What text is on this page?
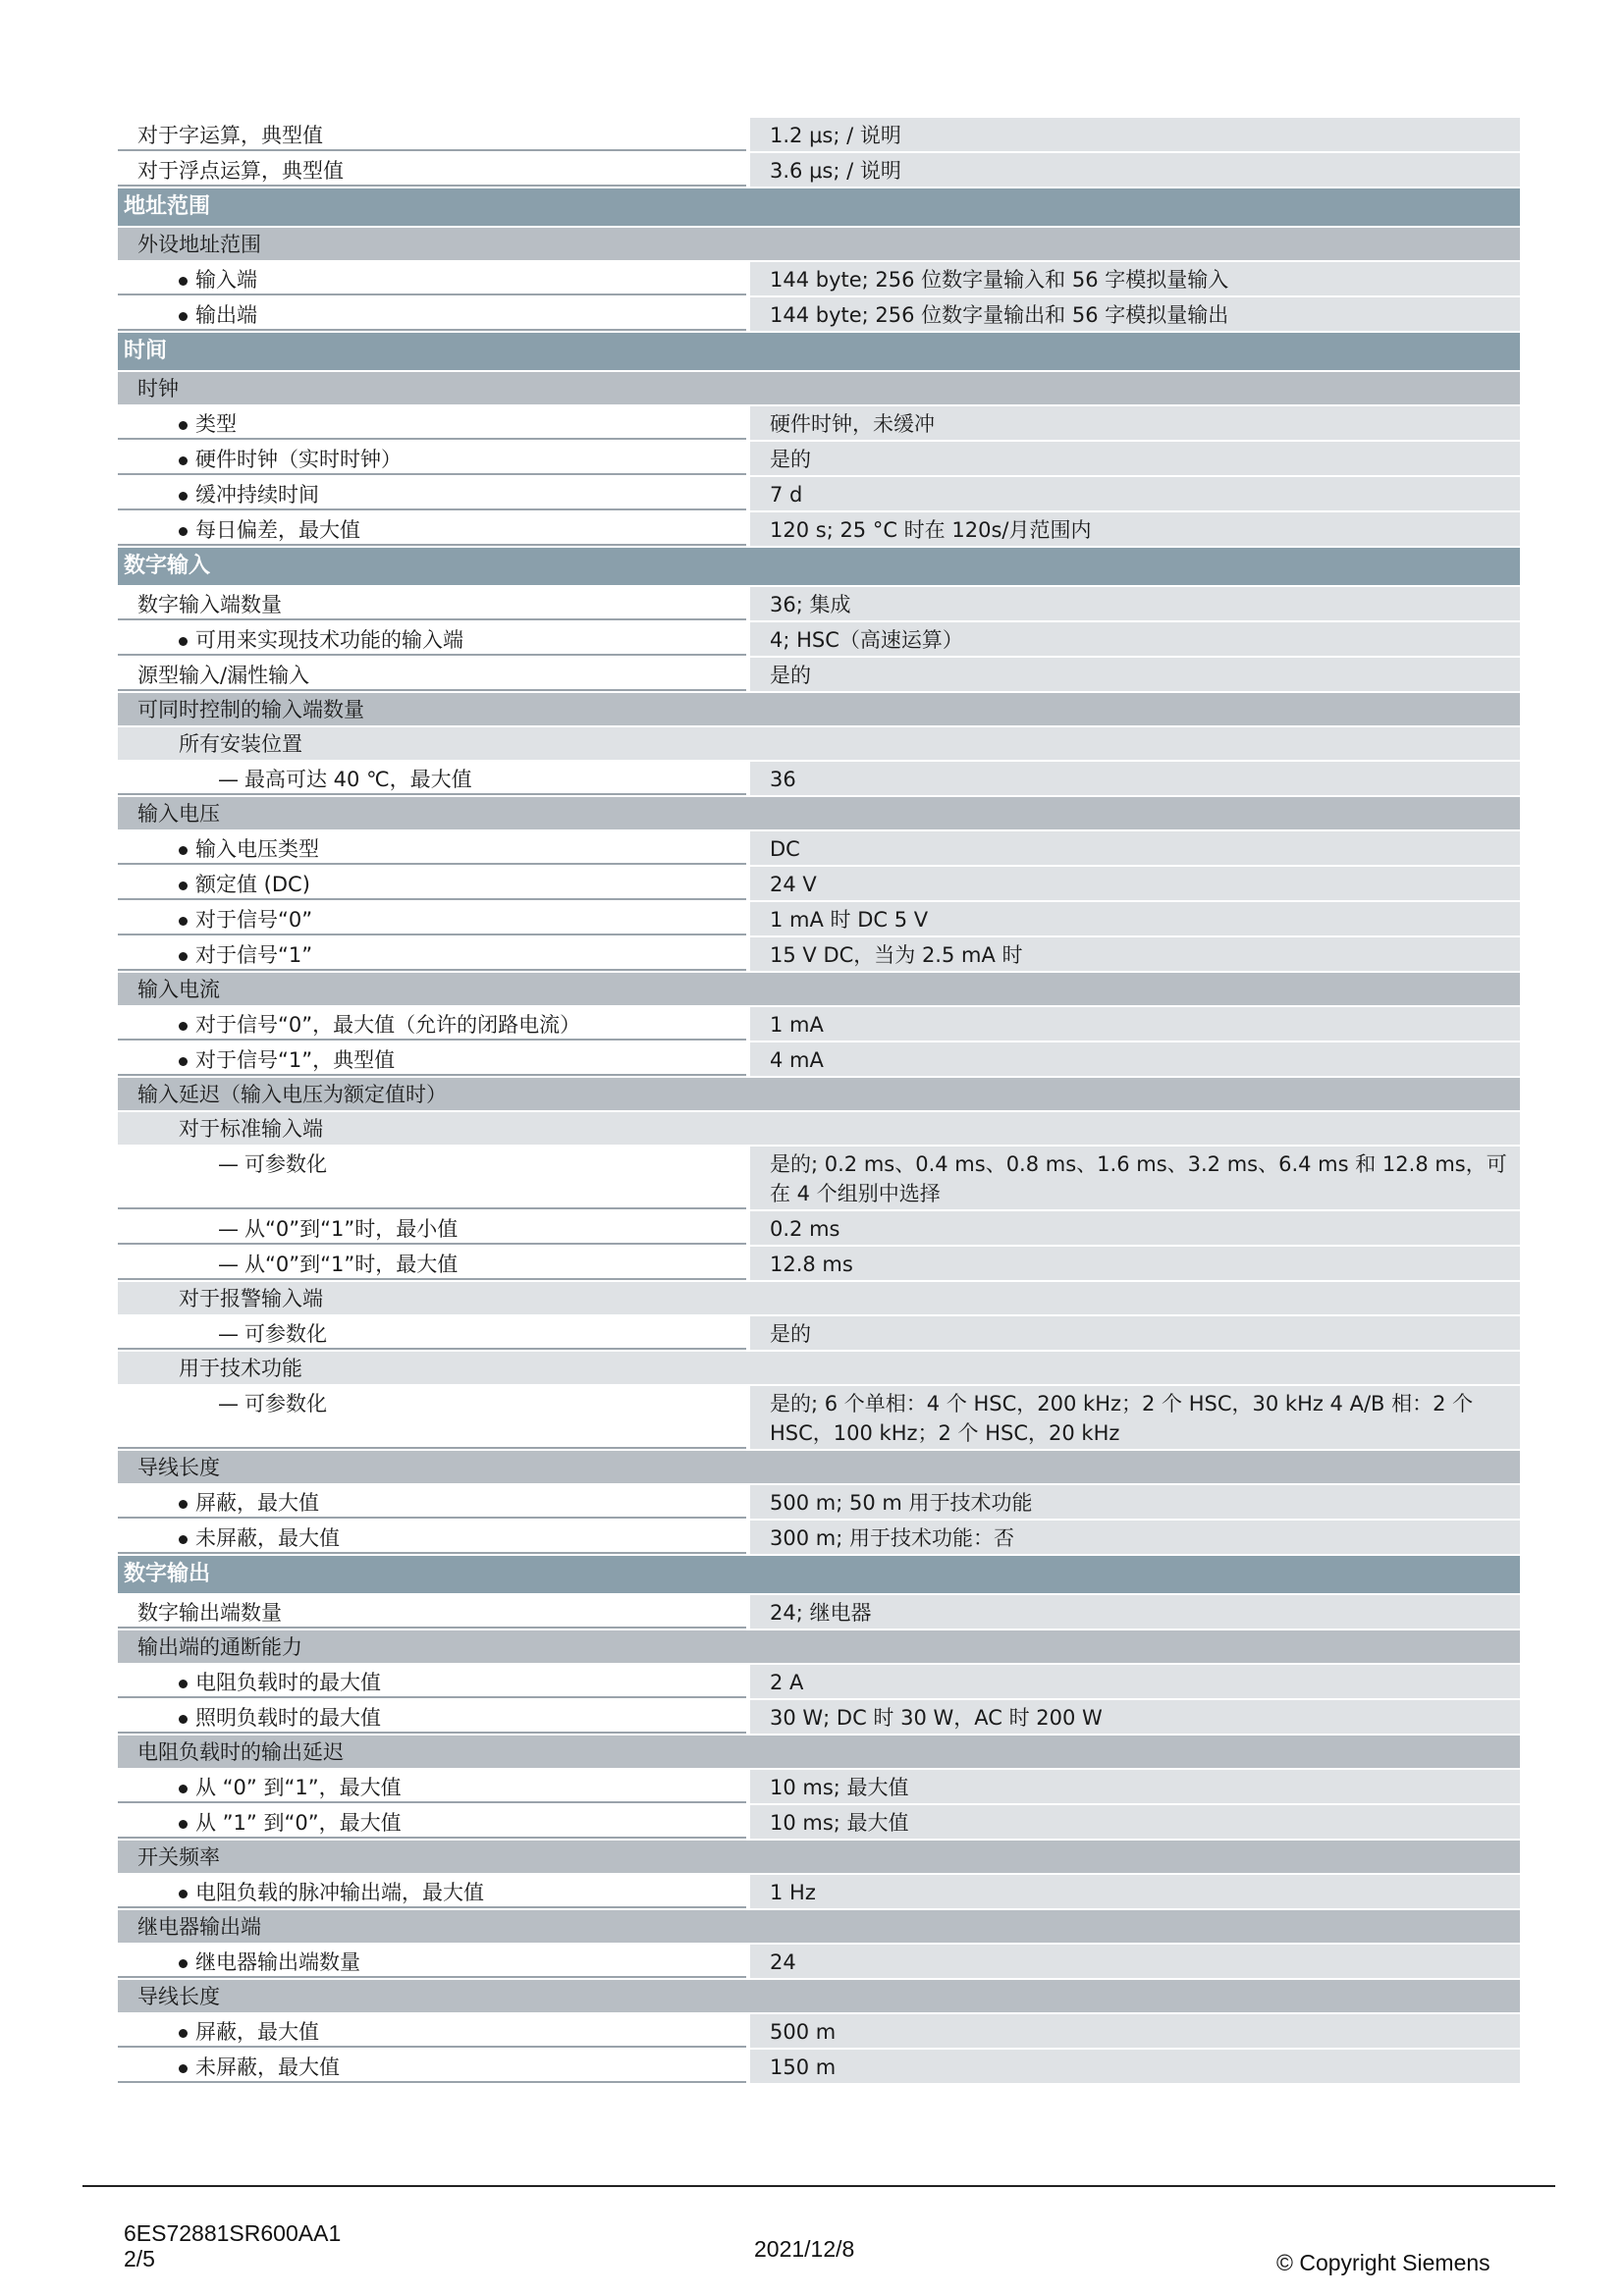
对于字运算，典型值	1.2 μs; / 说明
对于浮点运算，典型值	3.6 μs; / 说明
地址范围
外设地址范围
输入端	144 byte; 256 位数字量输入和 56 字模拟量输入
输出端	144 byte; 256 位数字量输出和 56 字模拟量输出
时间
时钟
类型	硬件时钟，未缓冲
硬件时钟（实时时钟）	是的
缓冲持续时间	7 d
每日偏差，最大值	120 s; 25 °C 时在 120s/月范围内
数字输入
数字输入端数量	36; 集成
可用来实现技术功能的输入端	4; HSC（高速运算）
源型输入/漏性输入	是的
可同时控制的输入端数量
所有安装位置
— 最高可达 40 ℃，最大值	36
输入电压
输入电压类型	DC
额定值 (DC)	24 V
对于信号“0”	1 mA 时 DC 5 V
对于信号“1”	15 V DC，当为 2.5 mA 时
输入电流
对于信号“0”，最大值（允许的闭路电流）	1 mA
对于信号“1”，典型值	4 mA
输入延迟（输入电压为额定值时）
对于标准输入端
— 可参数化	是的; 0.2 ms、0.4 ms、0.8 ms、1.6 ms、3.2 ms、6.4 ms 和 12.8 ms，可在 4 个组别中选择
— 从“0”到“1”时，最小值	0.2 ms
— 从“0”到“1”时，最大值	12.8 ms
对于报警输入端
— 可参数化	是的
用于技术功能
— 可参数化	是的; 6 个单相：4 个 HSC，200 kHz；2 个 HSC，30 kHz 4 A/B 相：2 个 HSC，100 kHz；2 个 HSC，20 kHz
导线长度
屏蔽，最大值	500 m; 50 m 用于技术功能
未屏蔽，最大值	300 m; 用于技术功能：否
数字输出
数字输出端数量	24; 继电器
输出端的通断能力
电阻负载时的最大值	2 A
照明负载时的最大值	30 W; DC 时 30 W，AC 时 200 W
电阻负载时的输出延迟
从 “0” 到“1”，最大值	10 ms; 最大值
从 ”1” 到“0”，最大值	10 ms; 最大值
开关频率
电阻负载的脉冲输出端，最大值	1 Hz
继电器输出端
继电器输出端数量	24
导线长度
屏蔽，最大值	500 m
未屏蔽，最大值	150 m
6ES72881SR600AA1
2/5	2021/12/8
© Copyright Siemens
